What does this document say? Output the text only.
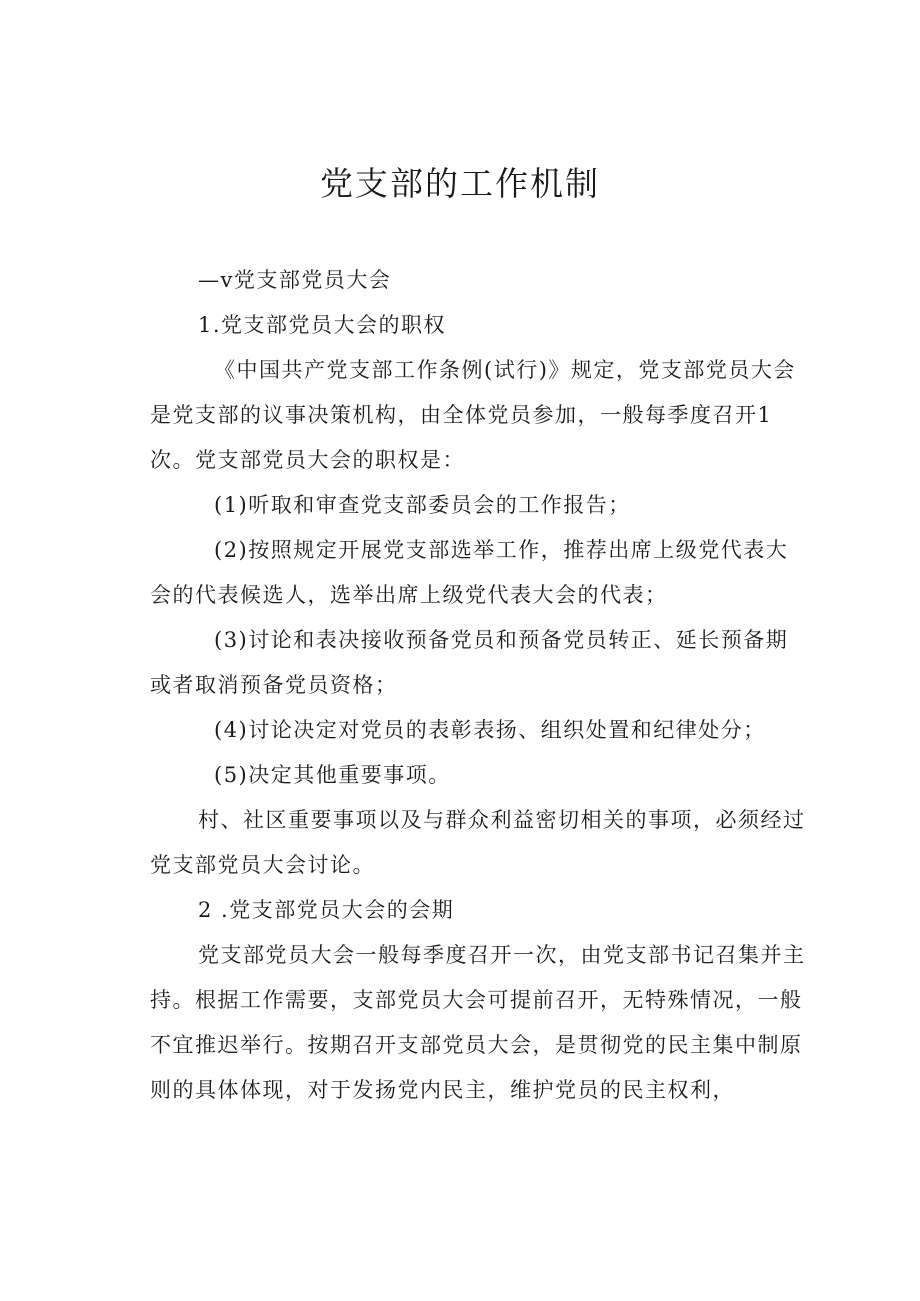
党支部的工作机制

—v党支部党员大会

1.党支部党员大会的职权

《中国共产党支部工作条例(试行)》规定，党支部党员大会是党支部的议事决策机构，由全体党员参加，一般每季度召开1次。党支部党员大会的职权是：

(1)听取和审查党支部委员会的工作报告；

(2)按照规定开展党支部选举工作，推荐出席上级党代表大会的代表候选人，选举出席上级党代表大会的代表；

(3)讨论和表决接收预备党员和预备党员转正、延长预备期或者取消预备党员资格；

(4)讨论决定对党员的表彰表扬、组织处置和纪律处分；

(5)决定其他重要事项。

村、社区重要事项以及与群众利益密切相关的事项，必须经过党支部党员大会讨论。

2 .党支部党员大会的会期

党支部党员大会一般每季度召开一次，由党支部书记召集并主持。根据工作需要，支部党员大会可提前召开，无特殊情况，一般不宜推迟举行。按期召开支部党员大会，是贯彻党的民主集中制原则的具体体现，对于发扬党内民主，维护党员的民主权利，
